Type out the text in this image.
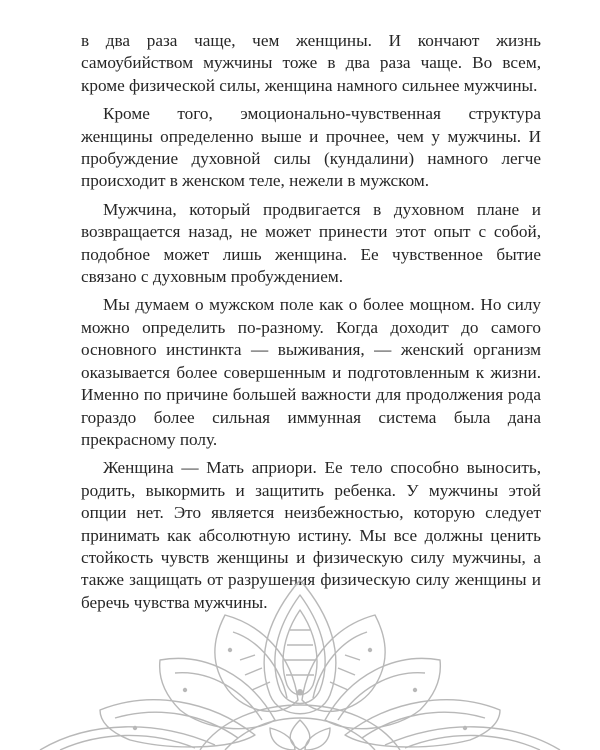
в два раза чаще, чем женщины. И кончают жизнь самоубийством мужчины тоже в два раза чаще. Во всем, кроме физической силы, женщина намного сильнее мужчины.

Кроме того, эмоционально-чувственная структура женщины определенно выше и прочнее, чем у мужчины. И пробуждение духовной силы (кундалини) намного легче происходит в женском теле, нежели в мужском.

Мужчина, который продвигается в духовном плане и возвращается назад, не может принести этот опыт с собой, подобное может лишь женщина. Ее чувственное бытие связано с духовным пробуждением.

Мы думаем о мужском поле как о более мощном. Но силу можно определить по-разному. Когда доходит до самого основного инстинкта — выживания, — женский организм оказывается более совершенным и подготовленным к жизни. Именно по причине большей важности для продолжения рода гораздо более сильная иммунная система была дана прекрасному полу.

Женщина — Мать априори. Ее тело способно выносить, родить, выкормить и защитить ребенка. У мужчины этой опции нет. Это является неизбежностью, которую следует принимать как абсолютную истину. Мы все должны ценить стойкость чувств женщины и физическую силу мужчины, а также защищать от разрушения физическую силу женщины и беречь чувства мужчины.
